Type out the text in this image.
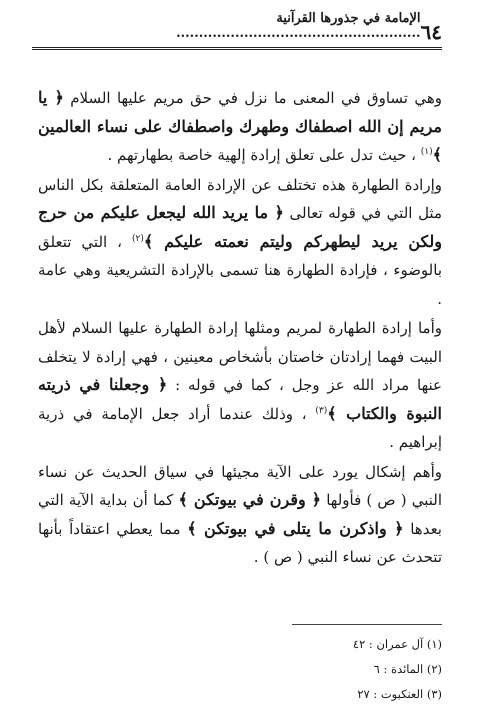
٦٤
الإمامة في جذورها القرآنية ......................................................

وهي تساوق في المعنى ما نزل في حق مريم عليها السلام ﴿ يا مريم إن الله اصطفاك وطهرك واصطفاك على نساء العالمين ﴾$^{(١)}$ ، حيث تدل على تعلق إرادة إلهية خاصة بطهارتهم .

وإرادة الطهارة هذه تختلف عن الإرادة العامة المتعلقة بكل الناس مثل التي في قوله تعالى ﴿ ما يريد الله ليجعل عليكم من حرج ولكن يريد ليطهركم وليتم نعمته عليكم ﴾$^{(٢)}$ ، التي تتعلق بالوضوء ، فإرادة الطهارة هنا تسمى بالإرادة التشريعية وهي عامة .

وأما إرادة الطهارة لمريم ومثلها إرادة الطهارة عليها السلام لأهل البيت فهما إرادتان خاصتان بأشخاص معينين ، فهي إرادة لا يتخلف عنها مراد الله عز وجل ، كما في قوله : ﴿ وجعلنا في ذريته النبوة والكتاب ﴾$^{(٣)}$ ، وذلك عندما أراد جعل الإمامة في ذرية إبراهيم .

وأهم إشكال يورد على الآية مجيئها في سياق الحديث عن نساء النبي ( ص ) فأولها ﴿ وقرن في بيوتكن ﴾ كما أن بداية الآية التي بعدها ﴿ واذكرن ما يتلى في بيوتكن ﴾ مما يعطي اعتقاداً بأنها تتحدث عن نساء النبي ( ص ) .

(١) آل عمران : ٤٢
(٢) المائدة : ٦
(٣) العنكبوت : ٢٧
